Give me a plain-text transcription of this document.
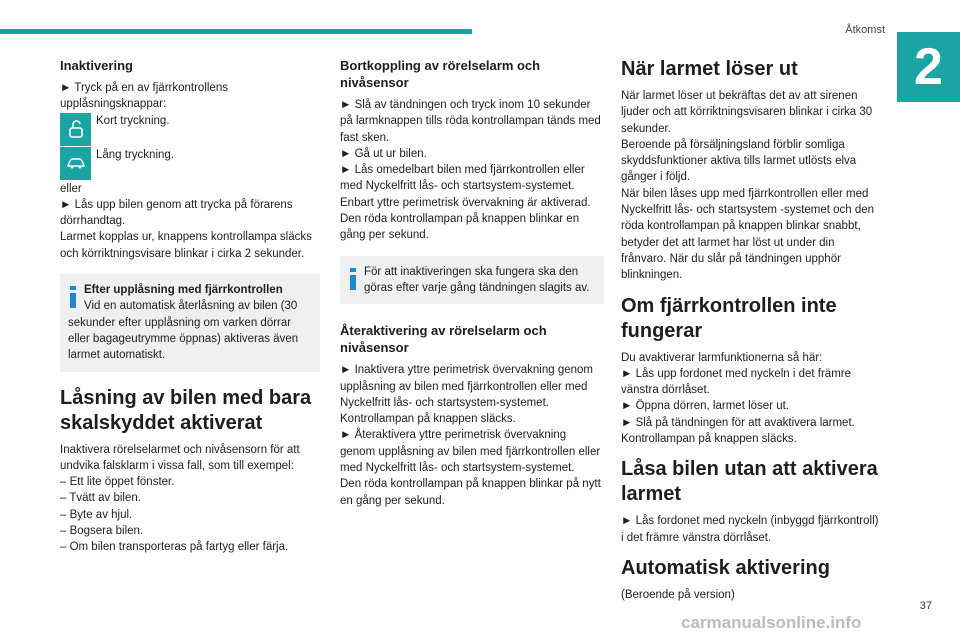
Åtkomst
2
Inaktivering

► Tryck på en av fjärrkontrollens upplåsningsknappar:

Kort tryckning.
Lång tryckning.

eller

► Lås upp bilen genom att trycka på förarens dörrhandtag.

Larmet kopplas ur, knappens kontrollampa släcks och körriktningsvisare blinkar i cirka 2 sekunder.

Efter upplåsning med fjärrkontrollen

Vid en automatisk återlåsning av bilen (30 sekunder efter upplåsning om varken dörrar eller bagageutrymme öppnas) aktiveras även larmet automatiskt.

Låsning av bilen med bara skalskyddet aktiverat

Inaktivera rörelselarmet och nivåsensorn för att undvika falsklarm i vissa fall, som till exempel:

– Ett lite öppet fönster.

– Tvätt av bilen.

– Byte av hjul.

– Bogsera bilen.

– Om bilen transporteras på fartyg eller färja.

Bortkoppling av rörelselarm och nivåsensor

► Slå av tändningen och tryck inom 10 sekunder på larmknappen tills röda kontrollampan tänds med fast sken.

► Gå ut ur bilen.

► Lås omedelbart bilen med fjärrkontrollen eller med Nyckelfritt lås- och startsystem-systemet.

Enbart yttre perimetrisk övervakning är aktiverad. Den röda kontrollampan på knappen blinkar en gång per sekund.

För att inaktiveringen ska fungera ska den göras efter varje gång tändningen slagits av.

Återaktivering av rörelselarm och nivåsensor

► Inaktivera yttre perimetrisk övervakning genom upplåsning av bilen med fjärrkontrollen eller med Nyckelfritt lås- och startsystem-systemet.

Kontrollampan på knappen släcks.

► Återaktivera yttre perimetrisk övervakning genom upplåsning av bilen med fjärrkontrollen eller med Nyckelfritt lås- och startsystem-systemet.

Den röda kontrollampan på knappen blinkar på nytt en gång per sekund.

När larmet löser ut

När larmet löser ut bekräftas det av att sirenen ljuder och att körriktningsvisaren blinkar i cirka 30 sekunder.

Beroende på försäljningsland förblir somliga skyddsfunktioner aktiva tills larmet utlösts elva gånger i följd.

När bilen låses upp med fjärrkontrollen eller med Nyckelfritt lås- och startsystem -systemet och den röda kontrollampan på knappen blinkar snabbt, betyder det att larmet har löst ut under din frånvaro. När du slår på tändningen upphör blinkningen.

Om fjärrkontrollen inte fungerar

Du avaktiverar larmfunktionerna så här:

► Lås upp fordonet med nyckeln i det främre vänstra dörrlåset.

► Öppna dörren, larmet löser ut.

► Slå på tändningen för att avaktivera larmet.

Kontrollampan på knappen släcks.

Låsa bilen utan att aktivera larmet

► Lås fordonet med nyckeln (inbyggd fjärrkontroll) i det främre vänstra dörrlåset.

Automatisk aktivering

(Beroende på version)

37
carmanualsonline.info
